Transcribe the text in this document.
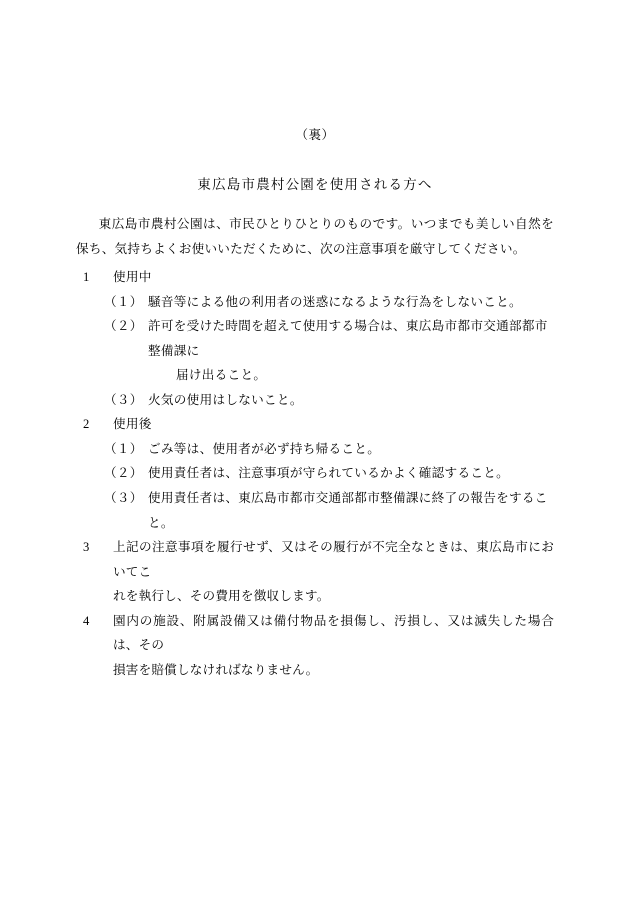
（裏）
東広島市農村公園を使用される方へ

東広島市農村公園は、市民ひとりひとりのものです。いつまでも美しい自然を保ち、気持ちよくお使いいただくために、次の注意事項を厳守してください。

1	使用中
（１） 騒音等による他の利用者の迷惑になるような行為をしないこと。
（２） 許可を受けた時間を超えて使用する場合は、東広島市都市交通部都市整備課に
届け出ること。
（３） 火気の使用はしないこと。
2	使用後
（１） ごみ等は、使用者が必ず持ち帰ること。
（２） 使用責任者は、注意事項が守られているかよく確認すること。
（３） 使用責任者は、東広島市都市交通部都市整備課に終了の報告をすること。
3	上記の注意事項を履行せず、又はその履行が不完全なときは、東広島市においてこ
れを執行し、その費用を徴収します。
4	園内の施設、附属設備又は備付物品を損傷し、汚損し、又は滅失した場合は、その
損害を賠償しなければなりません。
